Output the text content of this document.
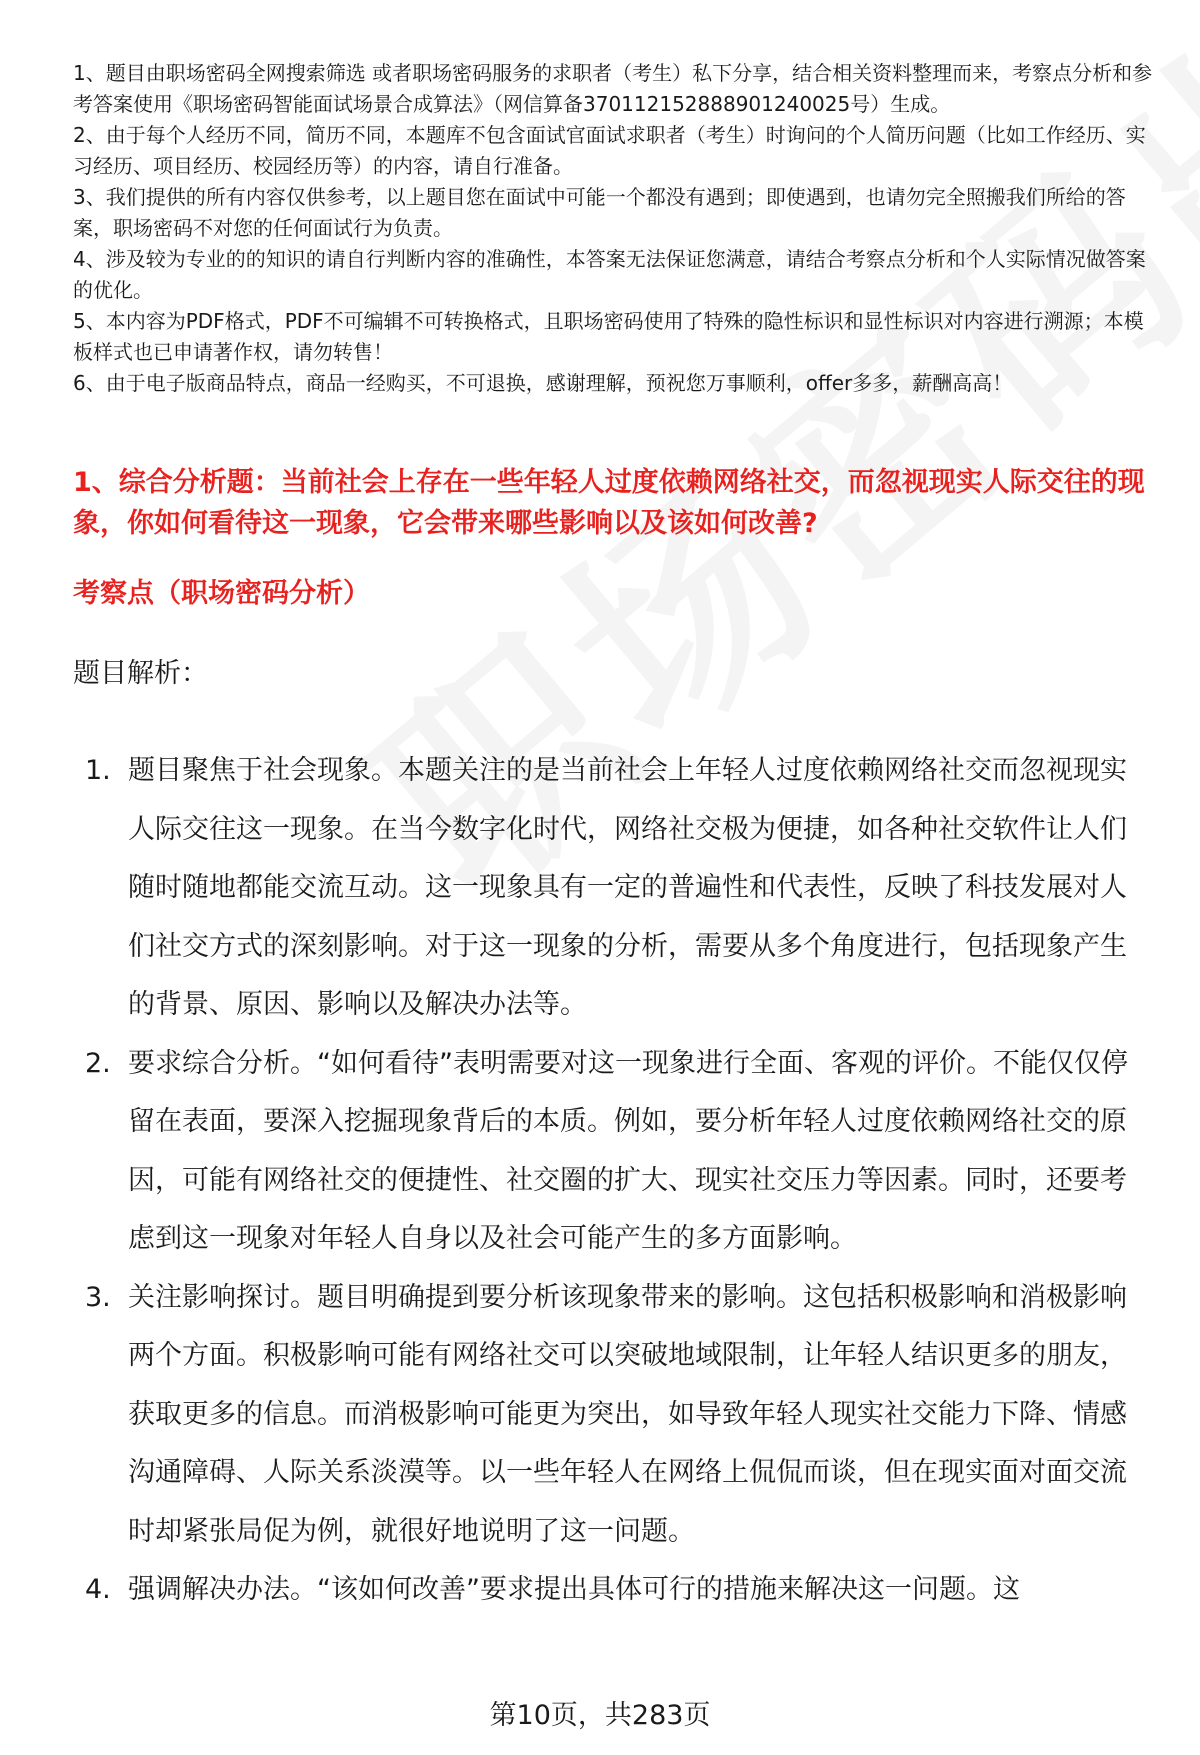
1、题目由职场密码全网搜索筛选 或者职场密码服务的求职者（考生）私下分享，结合相关资料整理而来，考察点分析和参考答案使用《职场密码智能面试场景合成算法》（网信算备370112152888901240025号）生成。

2、由于每个人经历不同，简历不同，本题库不包含面试官面试求职者（考生）时询问的个人简历问题（比如工作经历、实习经历、项目经历、校园经历等）的内容，请自行准备。

3、我们提供的所有内容仅供参考，以上题目您在面试中可能一个都没有遇到；即使遇到，也请勿完全照搬我们所给的答案，职场密码不对您的任何面试行为负责。

4、涉及较为专业的的知识的请自行判断内容的准确性，本答案无法保证您满意，请结合考察点分析和个人实际情况做答案的优化。

5、本内容为PDF格式，PDF不可编辑不可转换格式，且职场密码使用了特殊的隐性标识和显性标识对内容进行溯源；本模板样式也已申请著作权，请勿转售！

6、由于电子版商品特点，商品一经购买，不可退换，感谢理解，预祝您万事顺利，offer多多，薪酬高高！

1、综合分析题：当前社会上存在一些年轻人过度依赖网络社交，而忽视现实人际交往的现象，你如何看待这一现象，它会带来哪些影响以及该如何改善?
考察点（职场密码分析）
题目解析：
1. 题目聚焦于社会现象。本题关注的是当前社会上年轻人过度依赖网络社交而忽视现实人际交往这一现象。在当今数字化时代，网络社交极为便捷，如各种社交软件让人们随时随地都能交流互动。这一现象具有一定的普遍性和代表性，反映了科技发展对人们社交方式的深刻影响。对于这一现象的分析，需要从多个角度进行，包括现象产生的背景、原因、影响以及解决办法等。
2. 要求综合分析。“如何看待”表明需要对这一现象进行全面、客观的评价。不能仅仅停留在表面，要深入挖掘现象背后的本质。例如，要分析年轻人过度依赖网络社交的原因，可能有网络社交的便捷性、社交圈的扩大、现实社交压力等因素。同时，还要考虑到这一现象对年轻人自身以及社会可能产生的多方面影响。
3. 关注影响探讨。题目明确提到要分析该现象带来的影响。这包括积极影响和消极影响两个方面。积极影响可能有网络社交可以突破地域限制，让年轻人结识更多的朋友，获取更多的信息。而消极影响可能更为突出，如导致年轻人现实社交能力下降、情感沟通障碍、人际关系淡漠等。以一些年轻人在网络上侃侃而谈，但在现实面对面交流时却紧张局促为例，就很好地说明了这一问题。
4. 强调解决办法。“该如何改善”要求提出具体可行的措施来解决这一问题。这
第10页，共283页
